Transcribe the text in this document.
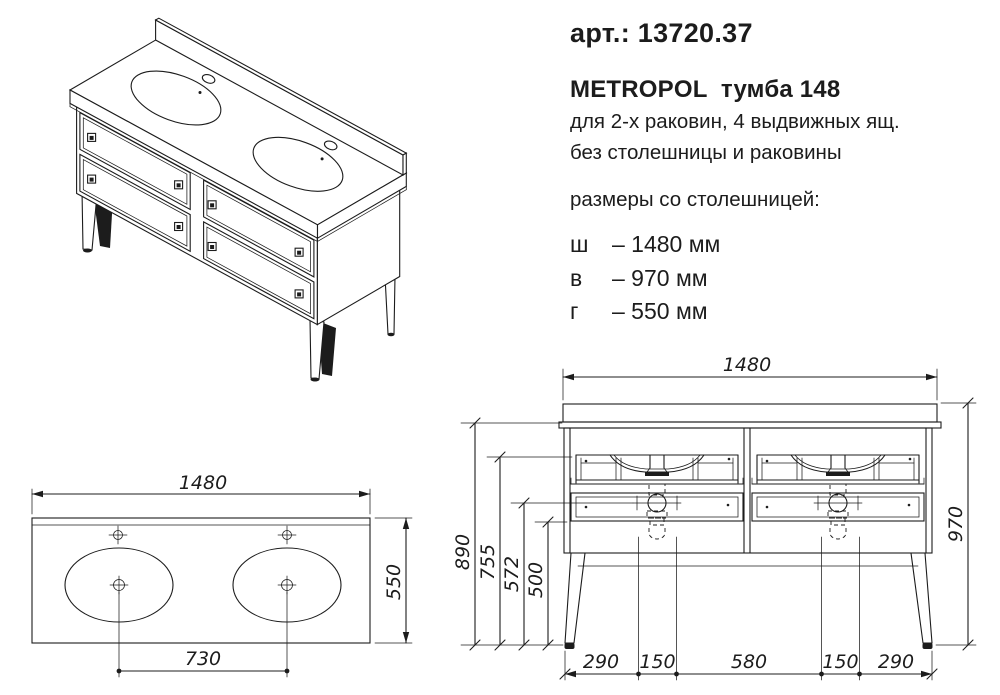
арт.: 13720.37
METROPOL  тумба 148
для 2-х раковин, 4 выдвижных ящ.
без столешницы и раковины
размеры со столешницей:
ш	– 1480 мм
в	– 970 мм
г	– 550 мм
1480
550
730
1480
970
890 755 572 500
290 150	580	150 290
